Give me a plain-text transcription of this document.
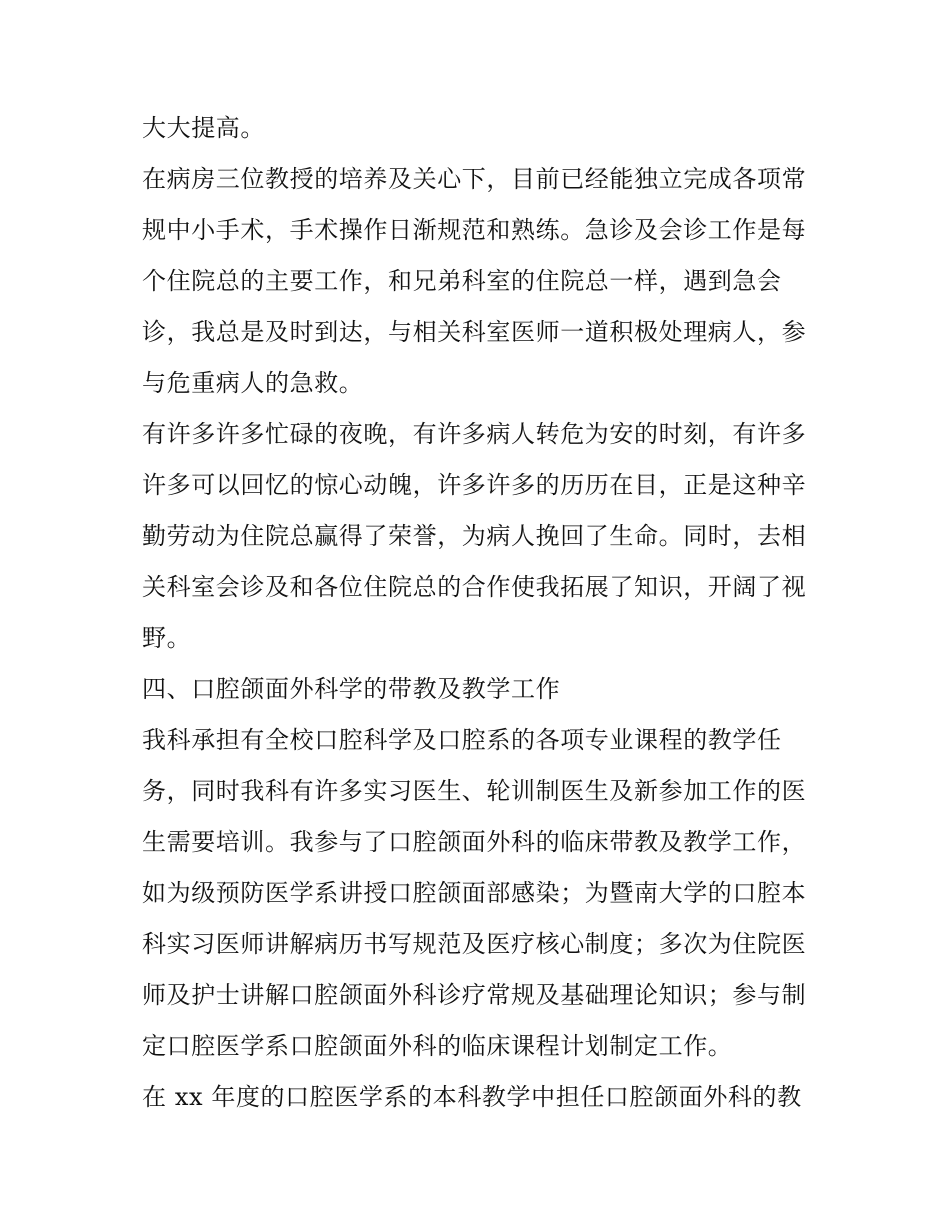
大大提高。
在病房三位教授的培养及关心下，目前已经能独立完成各项常
规中小手术，手术操作日渐规范和熟练。急诊及会诊工作是每
个住院总的主要工作，和兄弟科室的住院总一样，遇到急会
诊，我总是及时到达，与相关科室医师一道积极处理病人，参
与危重病人的急救。
有许多许多忙碌的夜晚，有许多病人转危为安的时刻，有许多
许多可以回忆的惊心动魄，许多许多的历历在目，正是这种辛
勤劳动为住院总赢得了荣誉，为病人挽回了生命。同时，去相
关科室会诊及和各位住院总的合作使我拓展了知识，开阔了视
野。
四、口腔颌面外科学的带教及教学工作
我科承担有全校口腔科学及口腔系的各项专业课程的教学任
务，同时我科有许多实习医生、轮训制医生及新参加工作的医
生需要培训。我参与了口腔颌面外科的临床带教及教学工作，
如为级预防医学系讲授口腔颌面部感染；为暨南大学的口腔本
科实习医师讲解病历书写规范及医疗核心制度；多次为住院医
师及护士讲解口腔颌面外科诊疗常规及基础理论知识；参与制
定口腔医学系口腔颌面外科的临床课程计划制定工作。
在 xx 年度的口腔医学系的本科教学中担任口腔颌面外科的教
